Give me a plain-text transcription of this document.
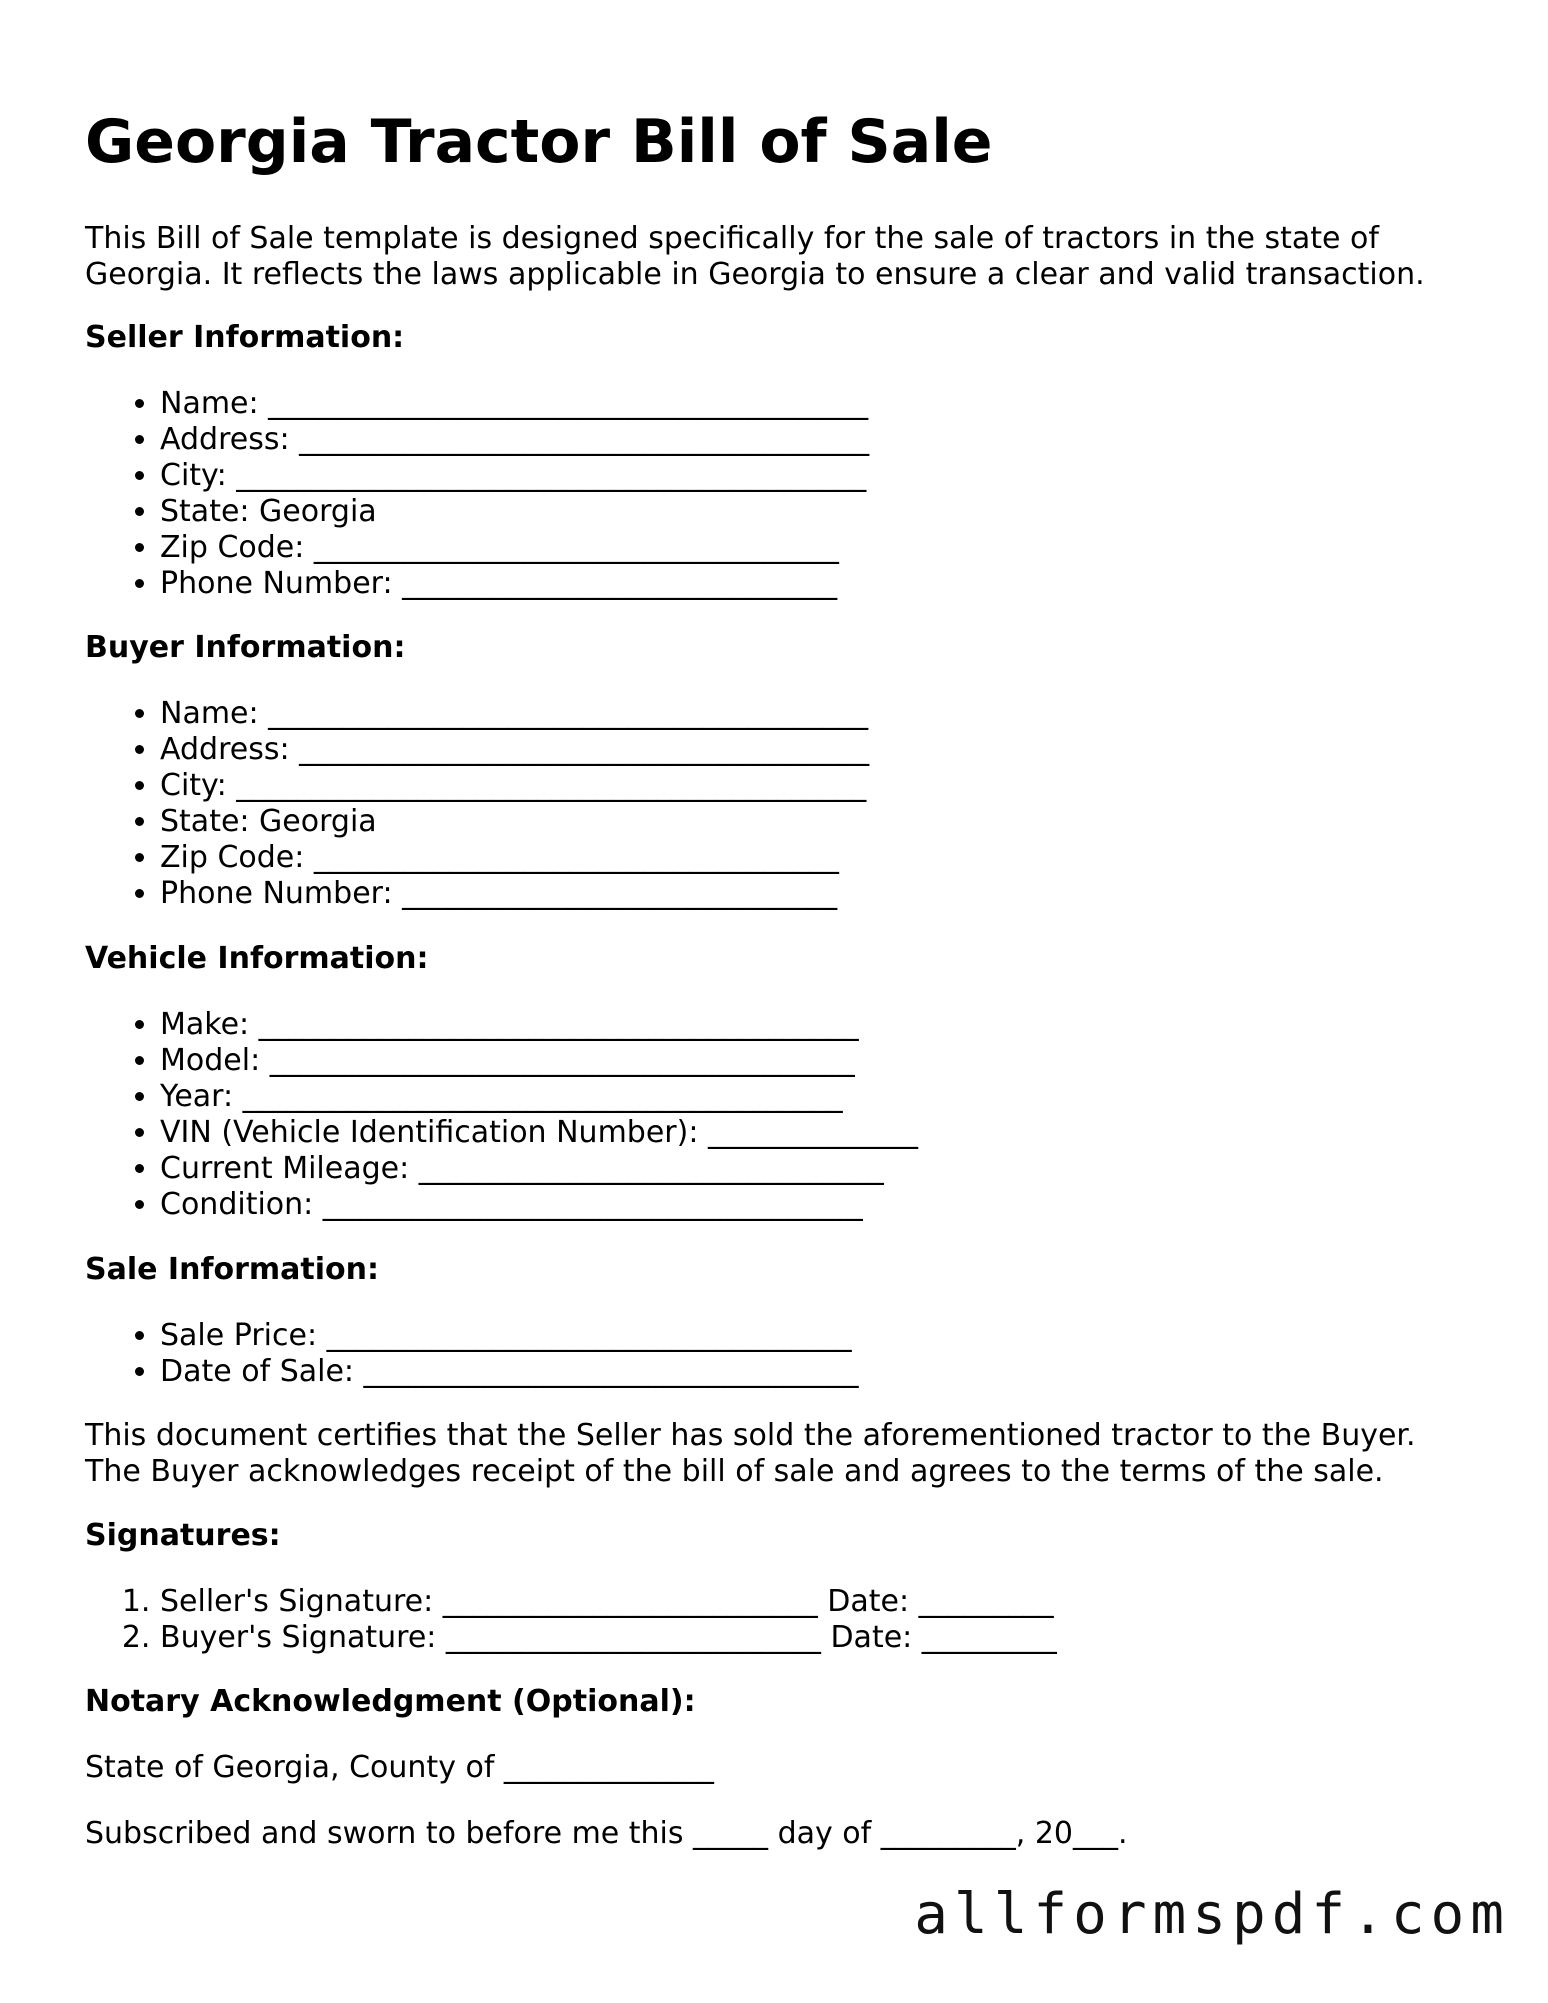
Georgia Tractor Bill of Sale

This Bill of Sale template is designed specifically for the sale of tractors in the state of

Georgia. It reflects the laws applicable in Georgia to ensure a clear and valid transaction.

Seller Information:

• Name: ________________________________________
• Address: ______________________________________
• City: __________________________________________
• State: Georgia
• Zip Code: ___________________________________
• Phone Number: _____________________________

Buyer Information:

• Name: ________________________________________
• Address: ______________________________________
• City: __________________________________________
• State: Georgia
• Zip Code: ___________________________________
• Phone Number: _____________________________

Vehicle Information:

• Make: ________________________________________
• Model: _______________________________________
• Year: ________________________________________
• VIN (Vehicle Identification Number): ______________
• Current Mileage: _______________________________
• Condition: ____________________________________

Sale Information:

• Sale Price: ___________________________________
• Date of Sale: _________________________________

This document certifies that the Seller has sold the aforementioned tractor to the Buyer.

The Buyer acknowledges receipt of the bill of sale and agrees to the terms of the sale.

Signatures:

1. Seller's Signature: _________________________ Date: _________
2. Buyer's Signature: _________________________ Date: _________

Notary Acknowledgment (Optional):

State of Georgia, County of ______________

Subscribed and sworn to before me this _____ day of _________, 20___.

allformspdf.com
